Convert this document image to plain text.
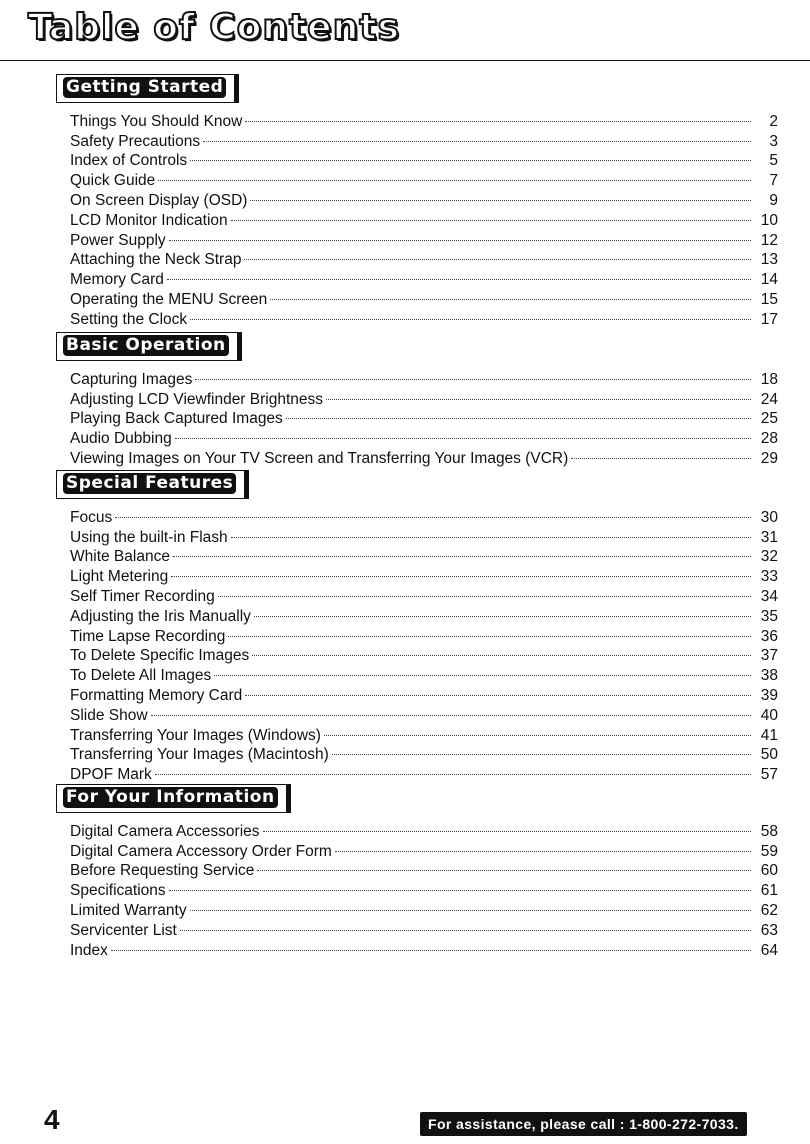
Table of Contents
Getting Started
Things You Should Know	2
Safety Precautions	3
Index of Controls	5
Quick Guide	7
On Screen Display (OSD)	9
LCD Monitor Indication	10
Power Supply	12
Attaching the Neck Strap	13
Memory Card	14
Operating the MENU Screen	15
Setting the Clock	17
Basic Operation
Capturing Images	18
Adjusting LCD Viewfinder Brightness	24
Playing Back Captured Images	25
Audio Dubbing	28
Viewing Images on Your TV Screen and Transferring Your Images (VCR)	29
Special Features
Focus	30
Using the built-in Flash	31
White Balance	32
Light Metering	33
Self Timer Recording	34
Adjusting the Iris Manually	35
Time Lapse Recording	36
To Delete Specific Images	37
To Delete All Images	38
Formatting Memory Card	39
Slide Show	40
Transferring Your Images (Windows)	41
Transferring Your Images (Macintosh)	50
DPOF Mark	57
For Your Information
Digital Camera Accessories	58
Digital Camera Accessory Order Form	59
Before Requesting Service	60
Specifications	61
Limited Warranty	62
Servicenter List	63
Index	64
4	For assistance, please call : 1-800-272-7033.
